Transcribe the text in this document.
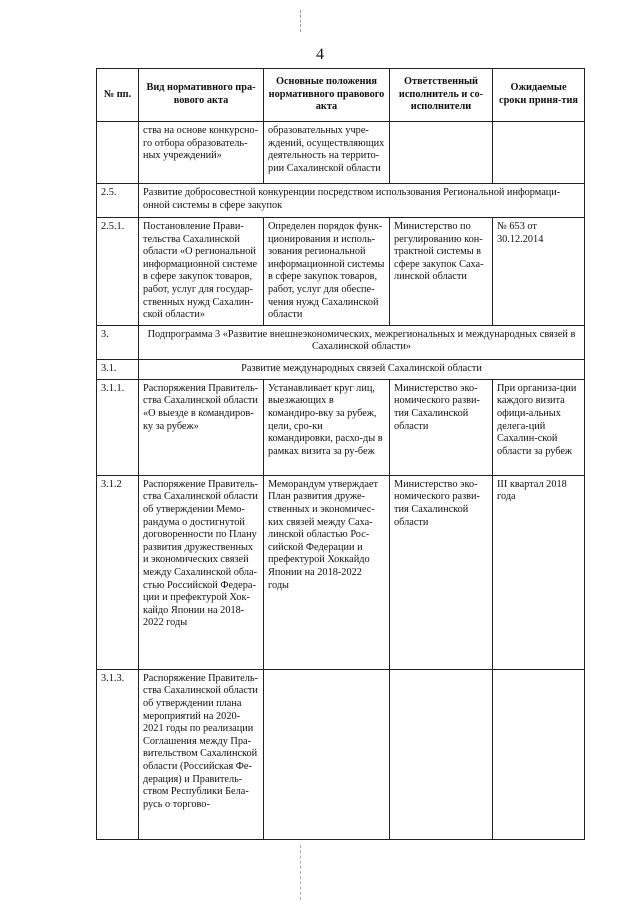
4
№ пп.	Вид нормативного пра-вового акта	Основные положения нормативного правового акта	Ответственный исполнитель и со-исполнители	Ожидаемые сроки приня-тия
	ства на основе конкурсно-го отбора образователь-ных учреждений»	образовательных учре-ждений, осуществляющих деятельность на террито-рии Сахалинской области		
2.5.	Развитие добросовестной конкуренции посредством использования Региональной информаци-онной системы в сфере закупок			
2.5.1.	Постановление Прави-тельства Сахалинской области «О региональной информационной системе в сфере закупок товаров, работ, услуг для государ-ственных нужд Сахалин-ской области»	Определен порядок функ-ционирования и исполь-зования региональной информационной системы в сфере закупок товаров, работ, услуг для обеспе-чения нужд Сахалинской области	Министерство по регулированию кон-трактной системы в сфере закупок Саха-линской области	№ 653 от 30.12.2014
3.	Подпрограмма 3 «Развитие внешнеэкономических, межрегиональных и международных связей в Сахалинской области»			
3.1.	Развитие международных связей Сахалинской области			
3.1.1.	Распоряжения Правитель-ства Сахалинской области «О выезде в командиров-ку за рубеж»	Устанавливает круг лиц, выезжающих в командиро-вку за рубеж, цели, сро-ки командировки, расхо-ды в рамках визита за ру-беж	Министерство эко-номического разви-тия Сахалинской области	При организа-ции каждого визита офици-альных делега-ций Сахалин-ской области за рубеж
3.1.2	Распоряжение Правитель-ства Сахалинской области об утверждении Мемо-рандума о достигнутой договоренности по Плану развития дружественных и экономических связей между Сахалинской обла-стью Российской Федера-ции и префектурой Хок-кайдо Японии на 2018-2022 годы	Меморандум утверждает План развития друже-ственных и экономичес-ких связей между Саха-линской областью Рос-сийской Федерации и префектурой Хоккайдо Японии на 2018-2022 годы	Министерство эко-номического разви-тия Сахалинской области	III квартал 2018 года
3.1.3.	Распоряжение Правитель-ства Сахалинской области об утверждении плана мероприятий на 2020-2021 годы по реализации Соглашения между Пра-вительством Сахалинской области (Российская Фе-дерация) и Правитель-ством Республики Бела-русь о торгово-			
